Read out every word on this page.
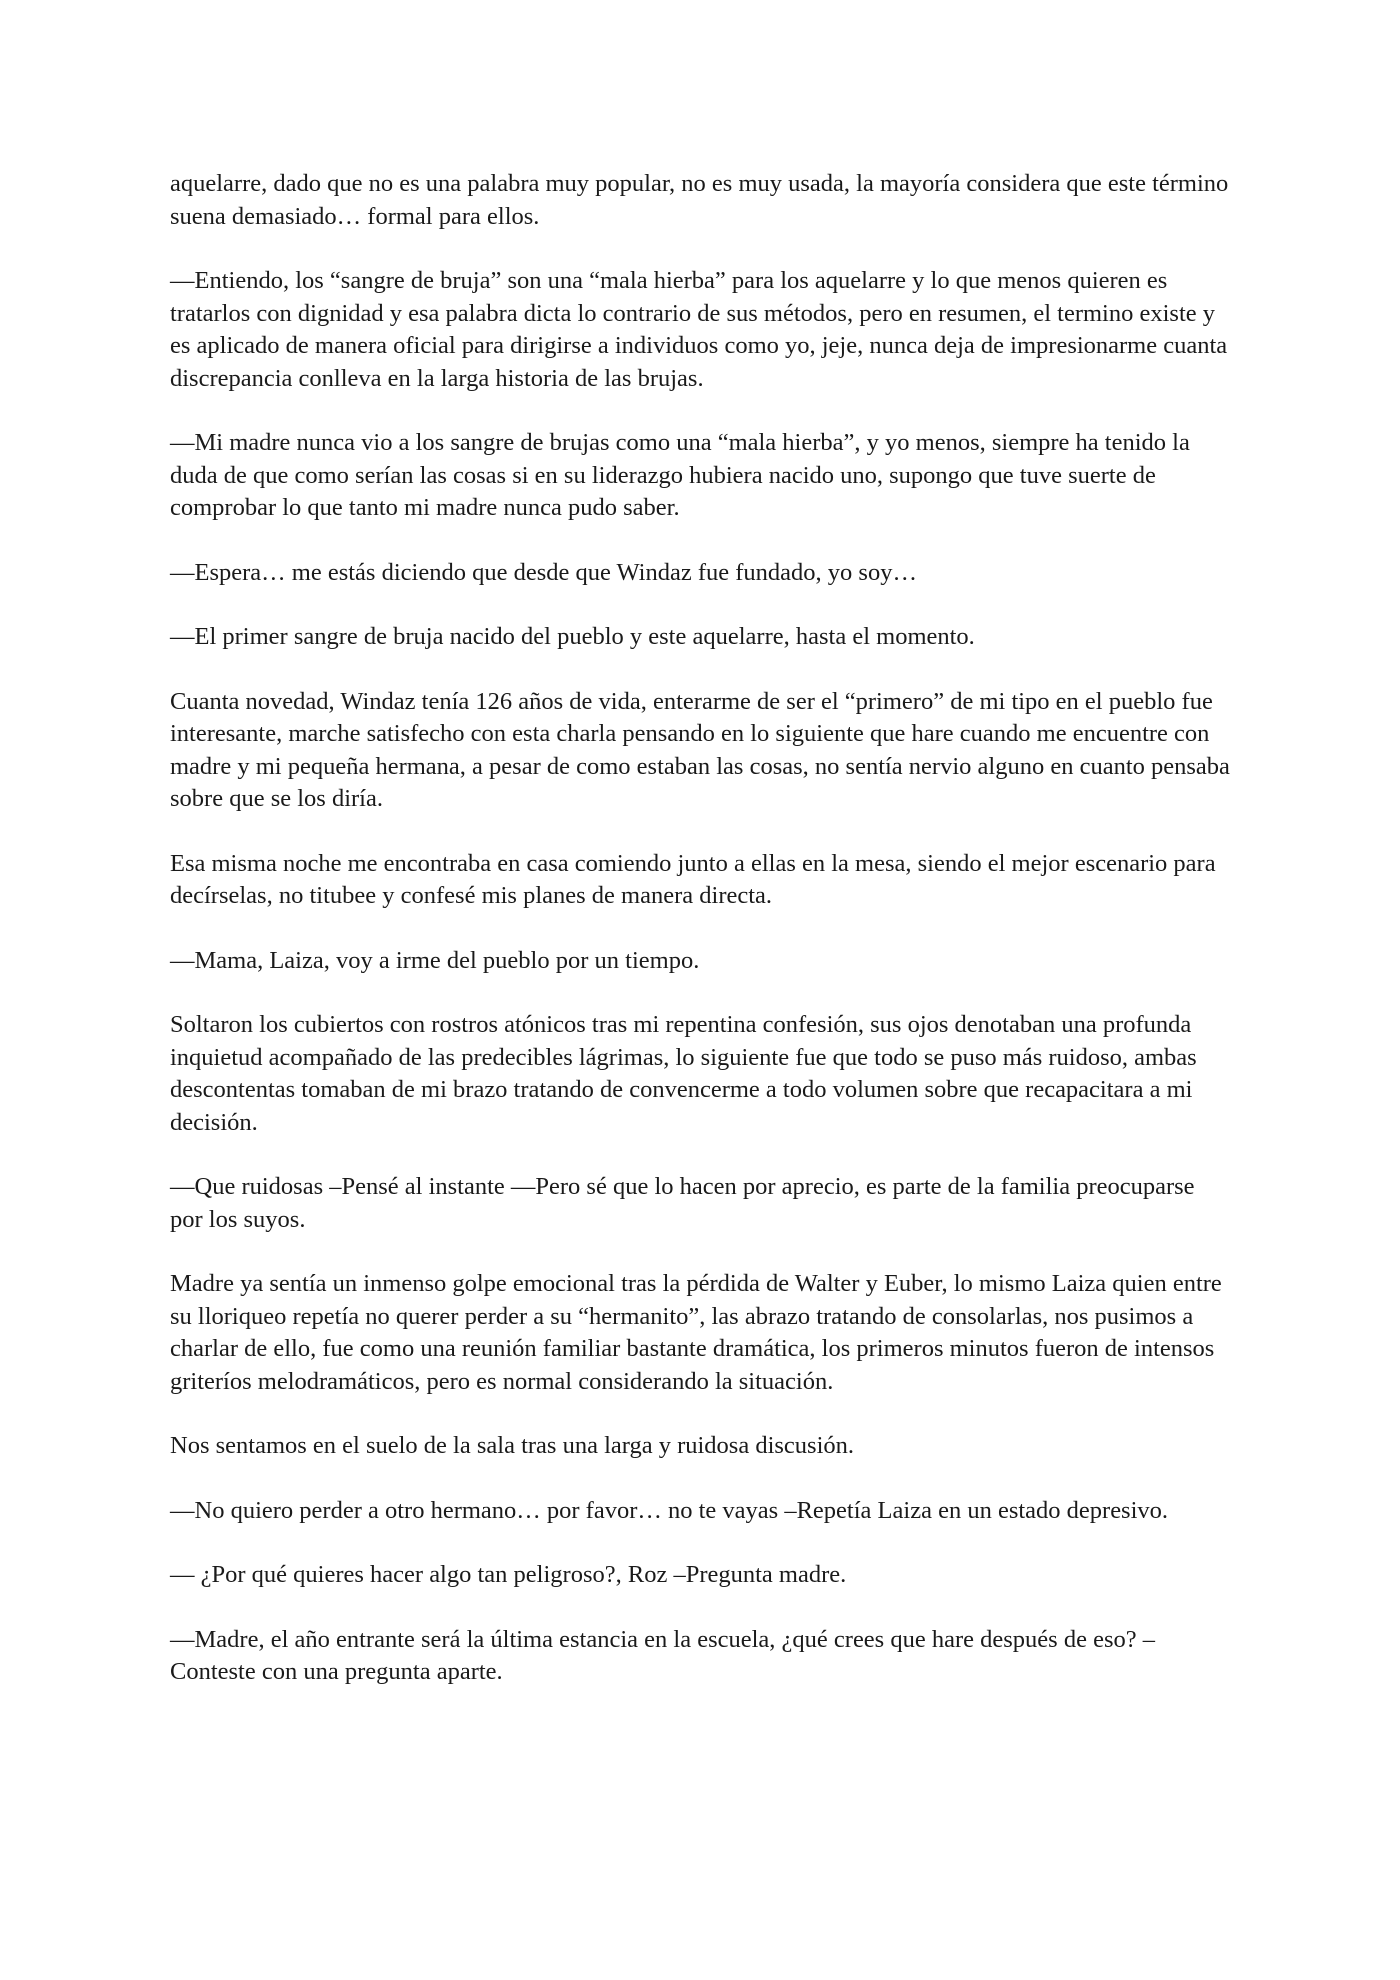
aquelarre, dado que no es una palabra muy popular, no es muy usada, la mayoría considera que este término suena demasiado… formal para ellos.

—Entiendo, los “sangre de bruja” son una “mala hierba” para los aquelarre y lo que menos quieren es tratarlos con dignidad y esa palabra dicta lo contrario de sus métodos, pero en resumen, el termino existe y es aplicado de manera oficial para dirigirse a individuos como yo, jeje, nunca deja de impresionarme cuanta discrepancia conlleva en la larga historia de las brujas.

—Mi madre nunca vio a los sangre de brujas como una “mala hierba”, y yo menos, siempre ha tenido la duda de que como serían las cosas si en su liderazgo hubiera nacido uno, supongo que tuve suerte de comprobar lo que tanto mi madre nunca pudo saber.

—Espera… me estás diciendo que desde que Windaz fue fundado, yo soy…

—El primer sangre de bruja nacido del pueblo y este aquelarre, hasta el momento.

Cuanta novedad, Windaz tenía 126 años de vida, enterarme de ser el “primero” de mi tipo en el pueblo fue interesante, marche satisfecho con esta charla pensando en lo siguiente que hare cuando me encuentre con madre y mi pequeña hermana, a pesar de como estaban las cosas, no sentía nervio alguno en cuanto pensaba sobre que se los diría.

Esa misma noche me encontraba en casa comiendo junto a ellas en la mesa, siendo el mejor escenario para decírselas, no titubee y confesé mis planes de manera directa.

—Mama, Laiza, voy a irme del pueblo por un tiempo.

Soltaron los cubiertos con rostros atónicos tras mi repentina confesión, sus ojos denotaban una profunda inquietud acompañado de las predecibles lágrimas, lo siguiente fue que todo se puso más ruidoso, ambas descontentas tomaban de mi brazo tratando de convencerme a todo volumen sobre que recapacitara a mi decisión.

—Que ruidosas –Pensé al instante —Pero sé que lo hacen por aprecio, es parte de la familia preocuparse por los suyos.

Madre ya sentía un inmenso golpe emocional tras la pérdida de Walter y Euber, lo mismo Laiza quien entre su lloriqueo repetía no querer perder a su “hermanito”, las abrazo tratando de consolarlas, nos pusimos a charlar de ello, fue como una reunión familiar bastante dramática, los primeros minutos fueron de intensos griteríos melodramáticos, pero es normal considerando la situación.

Nos sentamos en el suelo de la sala tras una larga y ruidosa discusión.

—No quiero perder a otro hermano… por favor… no te vayas –Repetía Laiza en un estado depresivo.

— ¿Por qué quieres hacer algo tan peligroso?, Roz –Pregunta madre.

—Madre, el año entrante será la última estancia en la escuela, ¿qué crees que hare después de eso? –Conteste con una pregunta aparte.
